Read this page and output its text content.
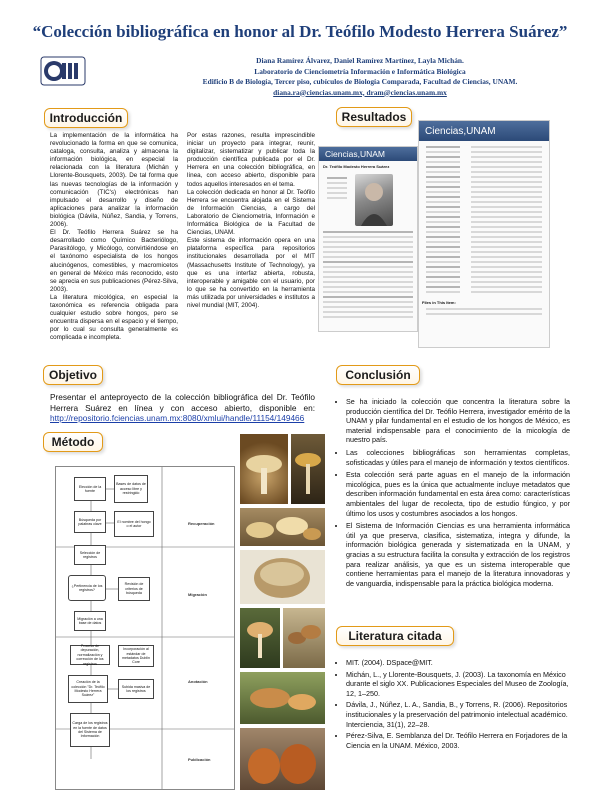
“Colección bibliográfica en honor al Dr. Teófilo Modesto Herrera Suárez”
Diana Ramírez Álvarez, Daniel Ramírez Martínez, Layla Michán.
Laboratorio de Cienciometría Información e Informática Biológica
Edificio B de Biología, Tercer piso, cubículos de Biología Comparada, Facultad de Ciencias, UNAM.
diana.ra@ciencias.unam.mx, dram@ciencias.unam.mx
Introducción

La implementación de la informática ha revolucionado la forma en que se comunica, cataloga, consulta, analiza y almacena la información biológica, en especial la relacionada con la literatura (Michán y Llorente-Bousquets, 2003). De tal forma que las nuevas tecnologías de la información y comunicación (TIC's) electrónicas han impulsado el desarrollo y diseño de aplicaciones para analizar la información biológica (Dávila, Núñez, Sandia, y Torrens, 2006).

El Dr. Teófilo Herrera Suárez se ha desarrollado como Químico Bacteriólogo, Parasitólogo, y Micólogo, convirtiéndose en el taxónomo especialista de los hongos alucinógenos, comestibles, y macromicetos en general de México más reconocido, esto se aprecia en sus publicaciones (Pérez-Silva, 2003).

La literatura micológica, en especial la taxonómica es referencia obligada para cualquier estudio sobre hongos, pero se encuentra dispersa en el espacio y el tiempo, por lo cual su consulta generalmente es complicada e incompleta.

Por estas razones, resulta imprescindible iniciar un proyecto para integrar, reunir, digitalizar, sistematizar y publicar toda la producción científica publicada por el Dr. Herrera en una colección bibliográfica, en línea, con acceso abierto, disponible para todos aquellos interesados en el tema.

La colección dedicada en honor al Dr. Teófilo Herrera se encuentra alojada en el Sistema de Información Ciencias, a cargo del Laboratorio de Cienciometría, Información e Informática Biológica de la Facultad de Ciencias, UNAM.

Este sistema de información opera en una plataforma específica para repositorios institucionales desarrollada por el MIT (Massachusetts Institute of Technology), ya que es una interfaz abierta, robusta, interoperable y amigable con el usuario, por lo que se ha convertido en la herramienta más utilizada por universidades e institutos a nivel mundial (MIT, 2004).

Resultados
Ciencias,UNAM
Dr. Teófilo Modesto Herrera Suárez
Ciencias,UNAM
Files in This Item:
Objetivo
Presentar el anteproyecto de la colección bibliográfica del Dr. Teófilo Herrera Suárez en línea y con acceso abierto, disponible en: http://repositorio.fciencias.unam.mx:8080/xmlui/handle/11154/149466
Conclusión
• Se ha iniciado la colección que concentra la literatura sobre la producción científica del Dr. Teófilo Herrera, investigador emérito de la UNAM y pilar fundamental en el estudio de los hongos de México, es material indispensable para el conocimiento de la micología de nuestro país.
• Las colecciones bibliográficas son herramientas completas, sofisticadas y útiles para el manejo de información y textos científicos.
• Esta colección será parte aguas en el manejo de la información micológica, pues es la única que actualmente incluye metadatos que describen información fundamental en esta área como: características ambientales del lugar de recolecta, tipo de estudio fúngico, y por último los usos y costumbres asociados a los hongos.
• El Sistema de Información Ciencias es una herramienta informática útil ya que preserva, clasifica, sistematiza, integra y difunde, la información biológica generada y sistematizada en la UNAM, y gracias a su estructura facilita la consulta y extracción de los registros para realizar análisis, ya que es un sistema interoperable que contiene herramientas para el manejo de la literatura innovadoras y de vanguardia, indispensable para la práctica biológica moderna.
Método
Recuperación
Migración
Anotación
Publicación
Elección de la fuente
Bases de datos de acceso libre y restringido
Búsqueda por palabras clave
El nombre del hongo o el autor
Selección de registros
¿Pertinencia de los registros?
Revisión de criterios de búsqueda
Migración a una base de datos
Proceso de depuración, normalización y corrección de los registros
Incorporación al estándar de metadatos Dublin Core
Creación de la colección "Dr. Teófilo Modesto Herrera Suárez"
Subida masiva de los registros
Carga de los registros en la fuente de datos del Sistema de Información
Literatura citada
• MIT. (2004). DSpace@MIT.
• Michán, L., y Llorente-Bousquets, J. (2003). La taxonomía en México durante el siglo XX. Publicaciones Especiales del Museo de Zoología, 12, 1–250.
• Dávila, J., Núñez, L. A., Sandia, B., y Torrens, R. (2006). Repositorios institucionales y la preservación del patrimonio intelectual académico. Interciencia, 31(1), 22–28.
• Pérez-Silva, E. Semblanza del Dr. Teófilo Herrera en Forjadores de la Ciencia en la UNAM. México, 2003.
